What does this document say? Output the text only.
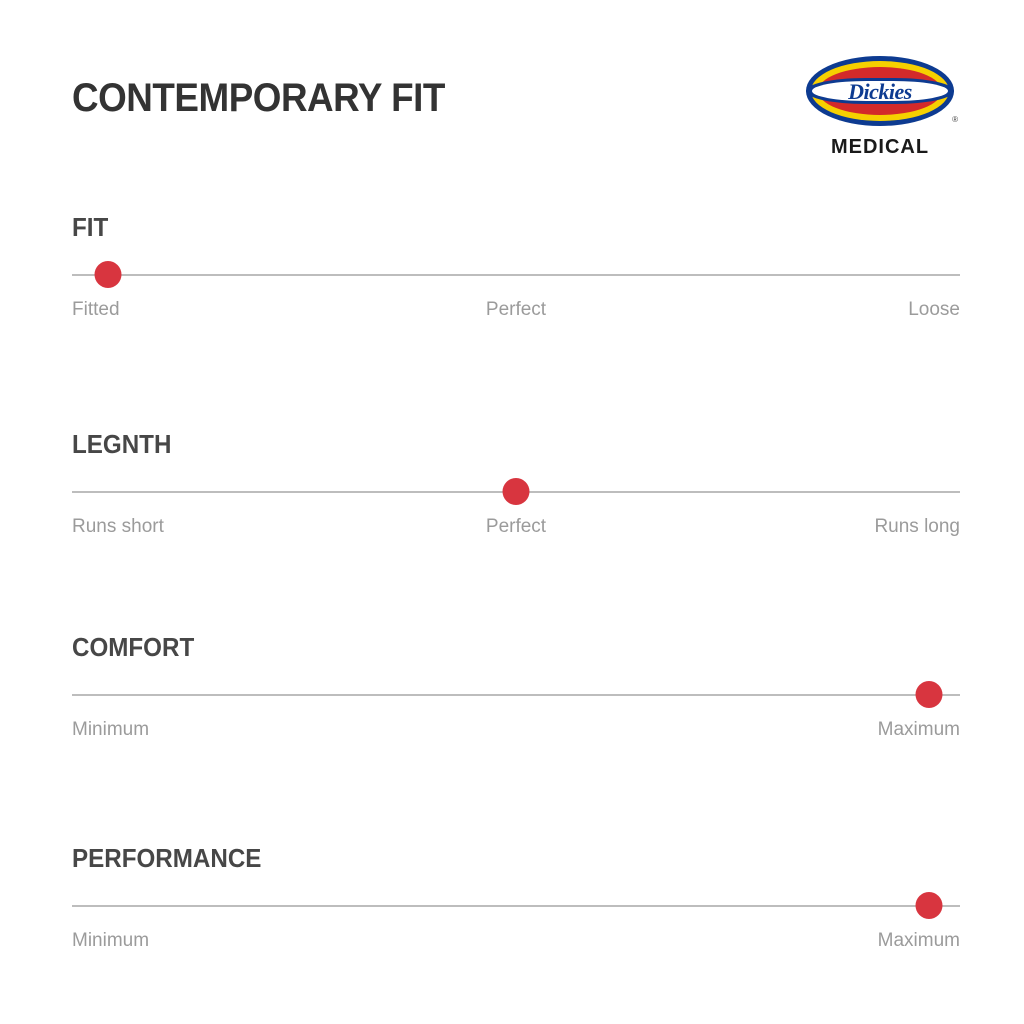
CONTEMPORARY FIT	Dickies
®
MEDICAL
FIT
Fitted	Perfect	Loose
LEGNTH
Runs short	Perfect	Runs long
COMFORT
Minimum	Maximum
PERFORMANCE
Minimum	Maximum
